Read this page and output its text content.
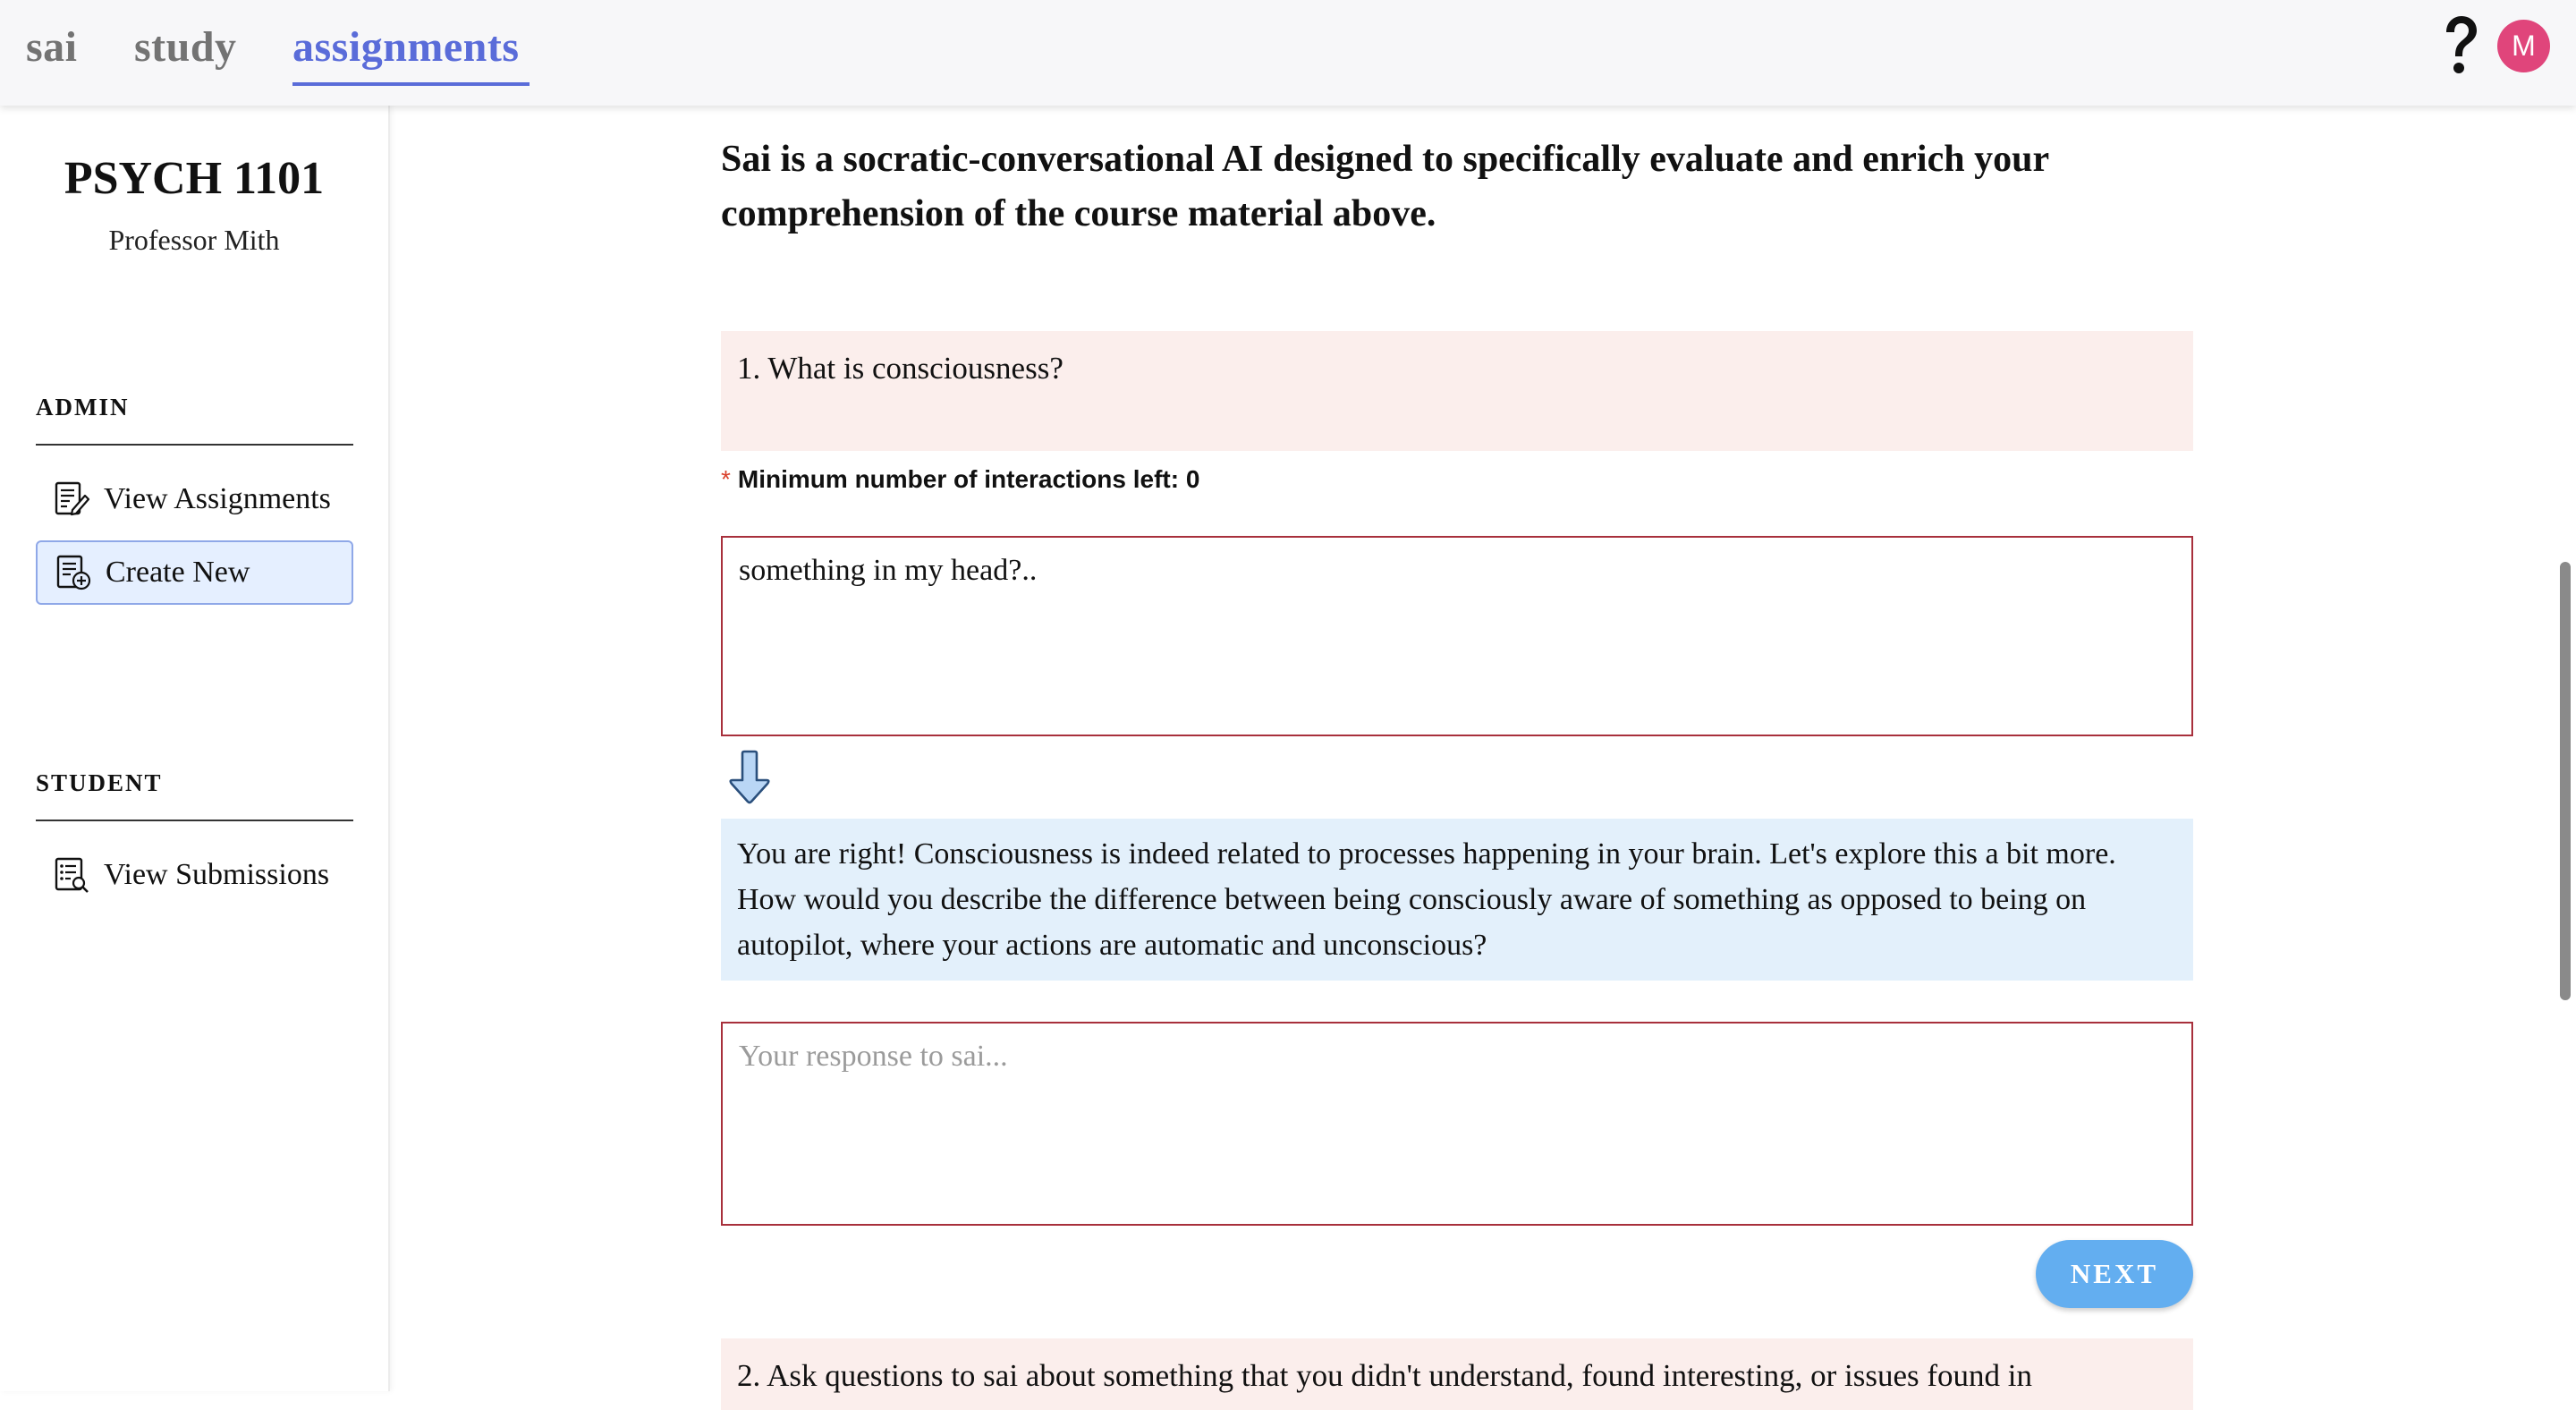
sai study assignments	M
PSYCH 1101
Professor Mith
ADMIN
View Assignments
Create New
STUDENT
View Submissions
Sai is a socratic-conversational AI designed to specifically evaluate and enrich your comprehension of the course material above.
1. What is consciousness?
* Minimum number of interactions left: 0
something in my head?..
You are right! Consciousness is indeed related to processes happening in your brain. Let's explore this a bit more. How would you describe the difference between being consciously aware of something as opposed to being on autopilot, where your actions are automatic and unconscious?
Your response to sai...
NEXT
2. Ask questions to sai about something that you didn't understand, found interesting, or issues found in
